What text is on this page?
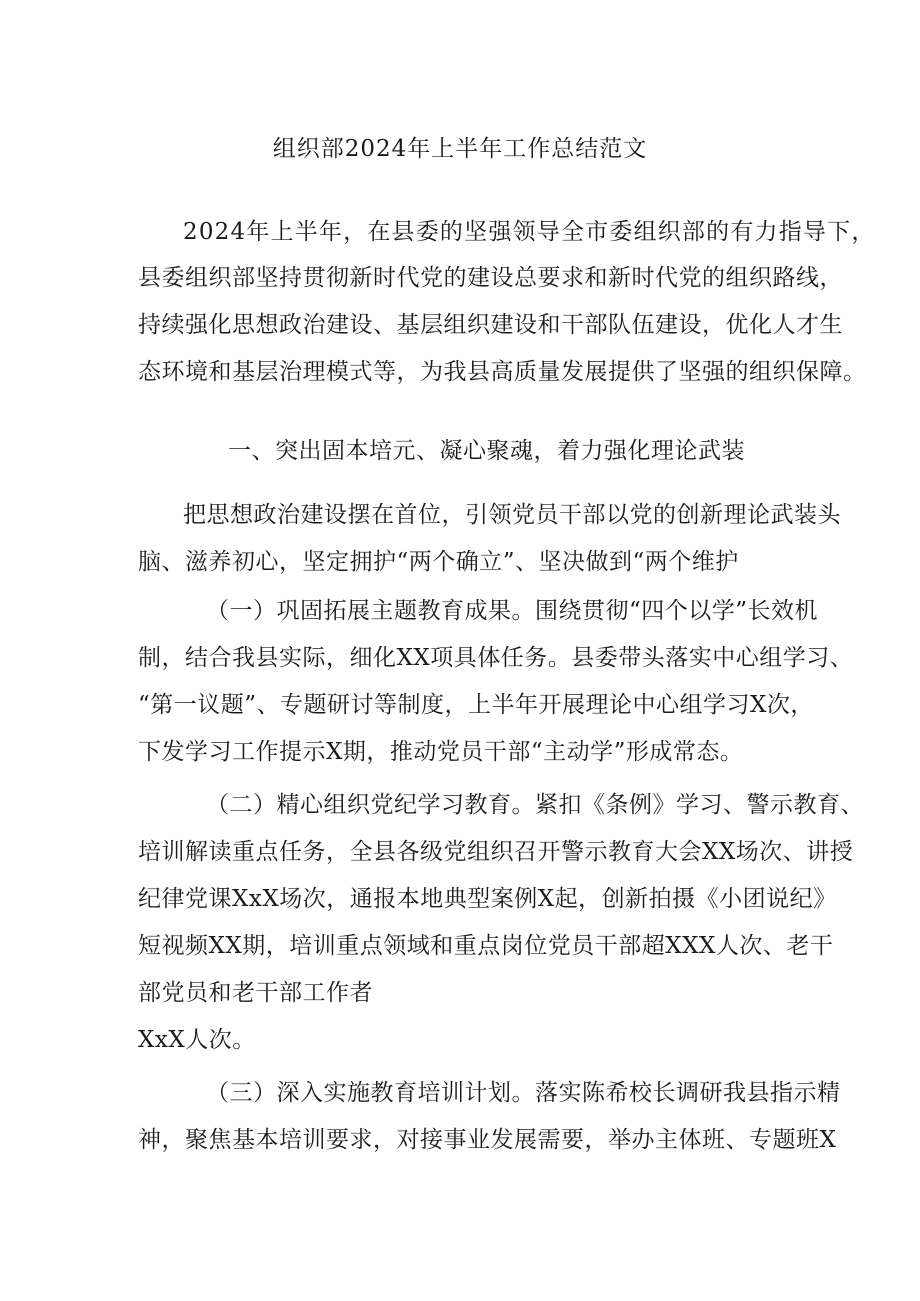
组织部2024年上半年工作总结范文
2024年上半年，在县委的坚强领导全市委组织部的有力指导下，
县委组织部坚持贯彻新时代党的建设总要求和新时代党的组织路线，
持续强化思想政治建设、基层组织建设和干部队伍建设，优化人才生
态环境和基层治理模式等，为我县高质量发展提供了坚强的组织保障。
一、突出固本培元、凝心聚魂，着力强化理论武装
把思想政治建设摆在首位，引领党员干部以党的创新理论武装头
脑、滋养初心，坚定拥护“两个确立”、坚决做到“两个维护
（一）巩固拓展主题教育成果。围绕贯彻“四个以学”长效机
制，结合我县实际，细化XX项具体任务。县委带头落实中心组学习、
“第一议题”、专题研讨等制度，上半年开展理论中心组学习X次，
下发学习工作提示X期，推动党员干部“主动学”形成常态。
（二）精心组织党纪学习教育。紧扣《条例》学习、警示教育、
培训解读重点任务，全县各级党组织召开警示教育大会XX场次、讲授
纪律党课XxX场次，通报本地典型案例X起，创新拍摄《小团说纪》
短视频XX期，培训重点领域和重点岗位党员干部超XXX人次、老干
部党员和老干部工作者
XxX人次。
（三）深入实施教育培训计划。落实陈希校长调研我县指示精
神，聚焦基本培训要求，对接事业发展需要，举办主体班、专题班X
